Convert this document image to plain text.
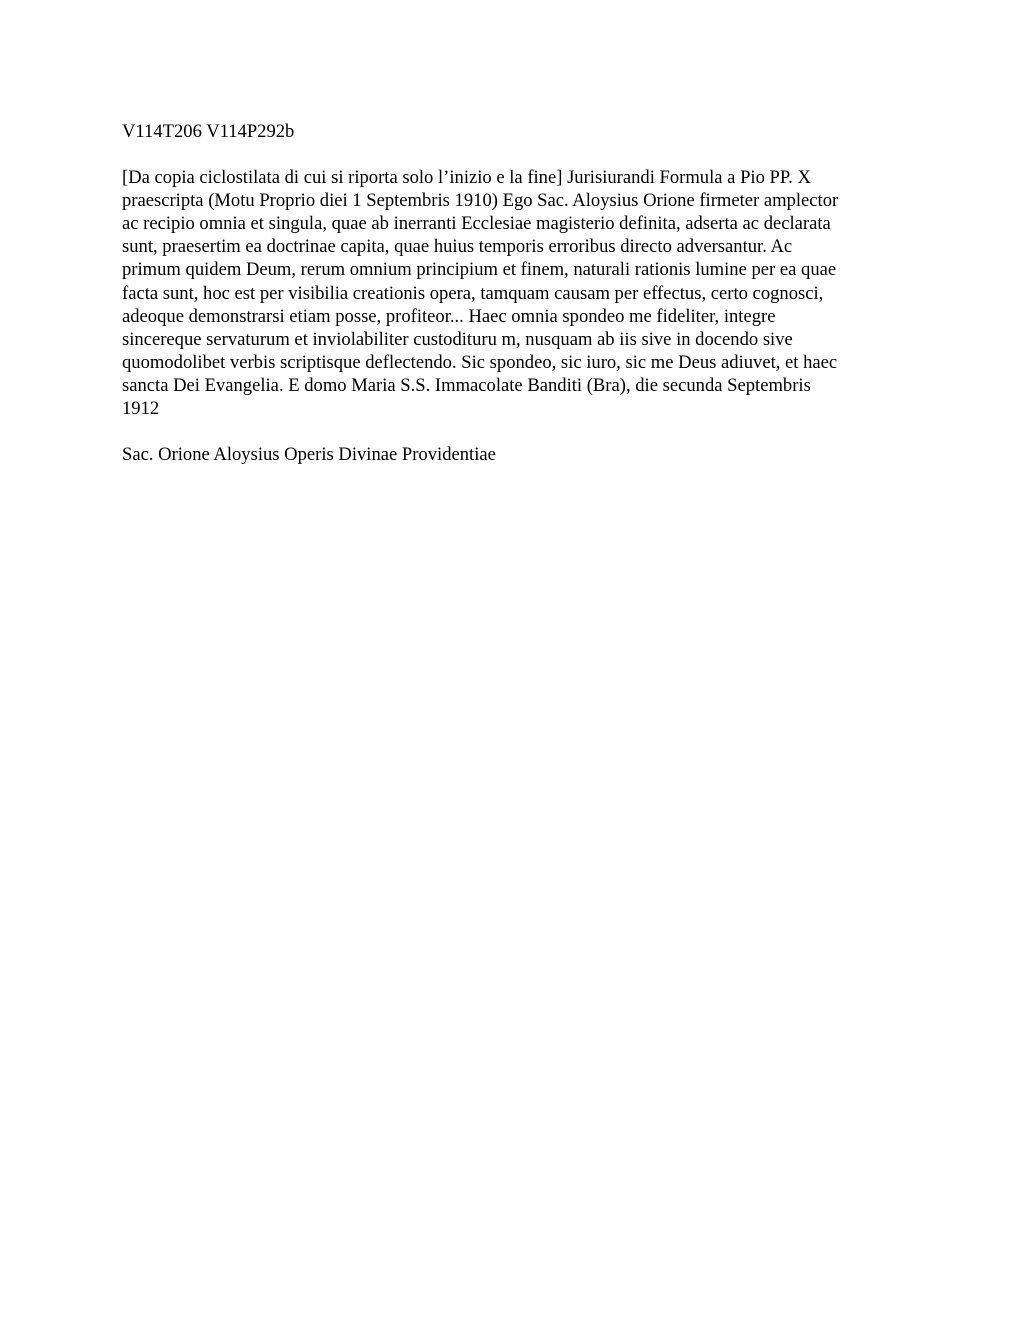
V114T206 V114P292b

[Da copia ciclostilata di cui si riporta solo l’inizio e la fine] Jurisiurandi Formula a Pio PP. X
praescripta (Motu Proprio diei 1 Septembris 1910) Ego Sac. Aloysius Orione firmeter amplector
ac recipio omnia et singula, quae ab inerranti Ecclesiae magisterio definita, adserta ac declarata
sunt, praesertim ea doctrinae capita, quae huius temporis erroribus directo adversantur. Ac
primum quidem Deum, rerum omnium principium et finem, naturali rationis lumine per ea quae
facta sunt, hoc est per visibilia creationis opera, tamquam causam per effectus, certo cognosci,
adeoque demonstrarsi etiam posse, profiteor... Haec omnia spondeo me fideliter, integre
sincereque servaturum et inviolabiliter custodituru m, nusquam ab iis sive in docendo sive
quomodolibet verbis scriptisque deflectendo. Sic spondeo, sic iuro, sic me Deus adiuvet, et haec
sancta Dei Evangelia. E domo Maria S.S. Immacolate Banditi (Bra), die secunda Septembris
1912

Sac. Orione Aloysius Operis Divinae Providentiae
